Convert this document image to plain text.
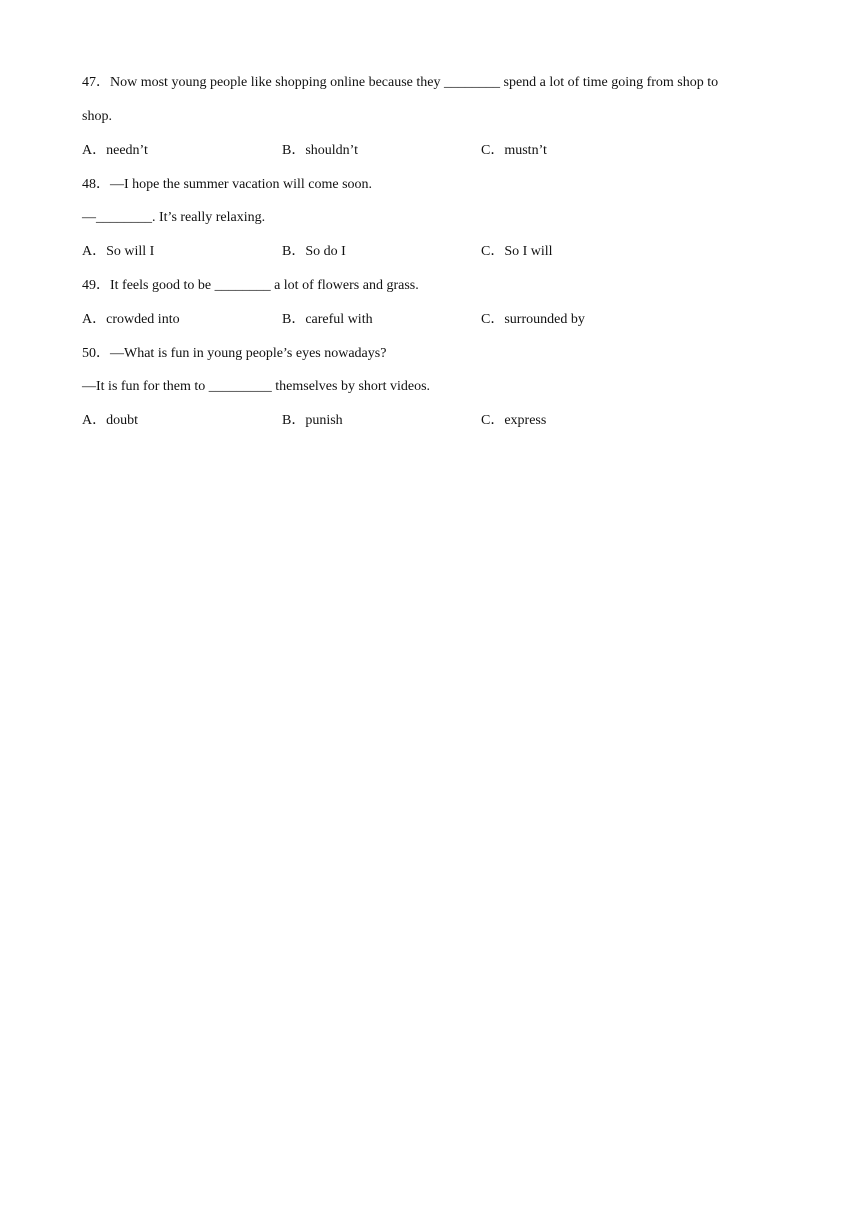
47．Now most young people like shopping online because they ________ spend a lot of time going from shop to
shop.
A．needn’t	B．shouldn’t	C．mustn’t
48．—I hope the summer vacation will come soon.
—________. It’s really relaxing.
A．So will I	B．So do I	C．So I will
49．It feels good to be ________ a lot of flowers and grass.
A．crowded into	B．careful with	C．surrounded by
50．—What is fun in young people’s eyes nowadays?
—It is fun for them to _________ themselves by short videos.
A．doubt	B．punish	C．express
